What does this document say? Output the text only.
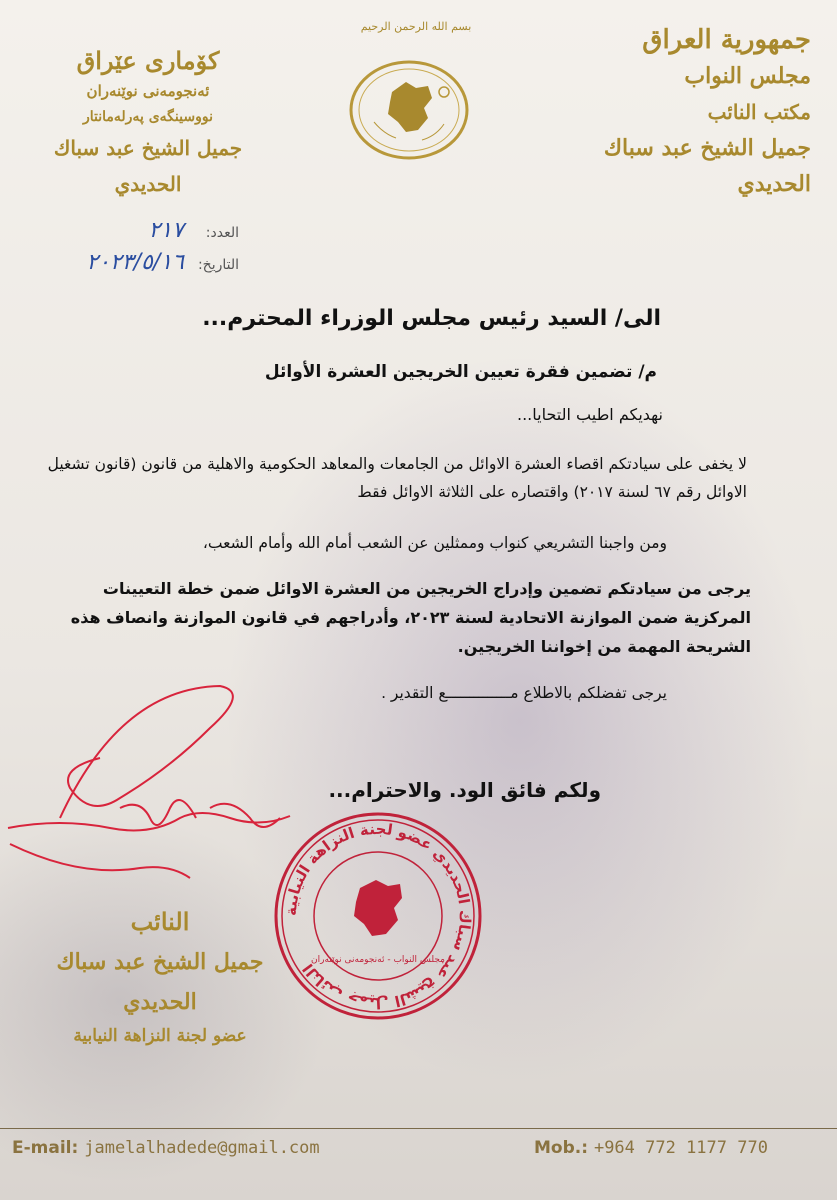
جمهورية العراق
مجلس النواب
مكتب النائب
جميل الشيخ عبد سباك الحديدي
بسم الله الرحمن الرحيم
کۆماری عێراق
ئەنجومەنی نوێنەران
نووسینگەی پەرلەمانتار
جميل الشيخ عبد سباك الحديدي
العدد: ٢١٧
التاريخ: ٢٠٢٣/٥/١٦
الى/ السيد رئيس مجلس الوزراء المحترم...
م/ تضمين فقرة تعيين الخريجين العشرة الأوائل
نهديكم اطيب التحايا...
لا يخفى على سيادتكم اقصاء العشرة الاوائل من الجامعات والمعاهد الحكومية والاهلية من قانون (قانون تشغيل الاوائل رقم ٦٧ لسنة ٢٠١٧) واقتصاره على الثلاثة الاوائل فقط
ومن واجبنا التشريعي كنواب وممثلين عن الشعب أمام الله وأمام الشعب،
يرجى من سيادتكم تضمين وإدراج الخريجين من العشرة الاوائل ضمن خطة التعيينات المركزية ضمن الموازنة الاتحادية لسنة ٢٠٢٣، وأدراجهم في قانون الموازنة وانصاف هذه الشريحة المهمة من إخواننا الخريجين.
يرجى تفضلكم بالاطلاع مــــــــــــــع التقدير .
ولكم فائق الود. والاحترام...
النائب
جميل الشيخ عبد سباك الحديدي
عضو لجنة النزاهة النيابية
النائب جميل الشيخ عبد سباك الحديدي عضو لجنة النزاهة النيابية
مجلس النواب - ئەنجومەنی نوێنەران
E-mail: jamelalhadede@gmail.com	Mob.: +964 772 1177 770
